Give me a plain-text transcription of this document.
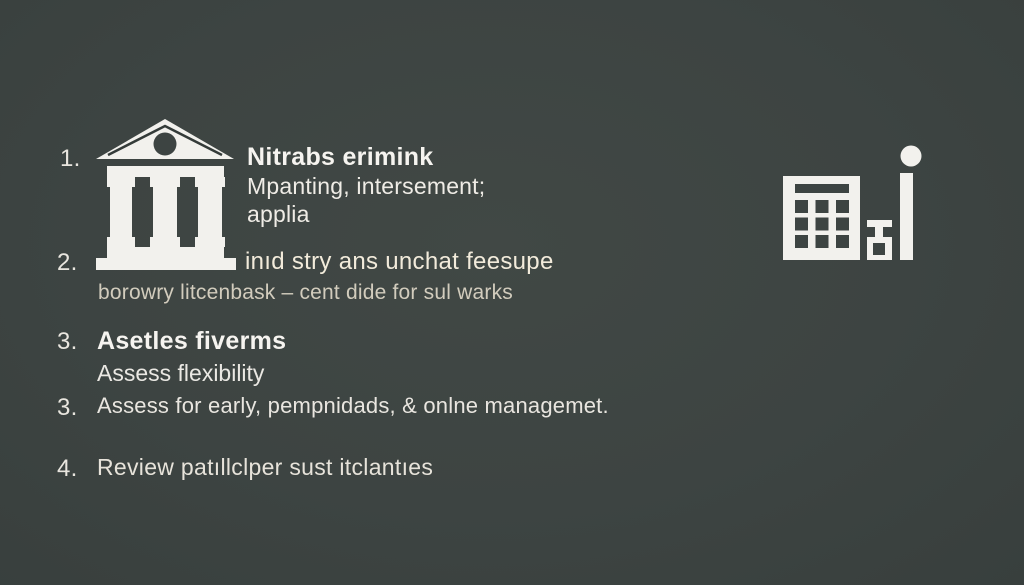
1.	Nitrabs erimink
Mpanting, intersement;
applia
2.	inıd stry ans unchat feesupe
borowry litcenbask – cent dide for sul warks
3. Asetles fiverms
Assess flexibility
3. Assess for early, pempnidads, & onlne managemet.
4. Review patıllclper sust itclantıes
